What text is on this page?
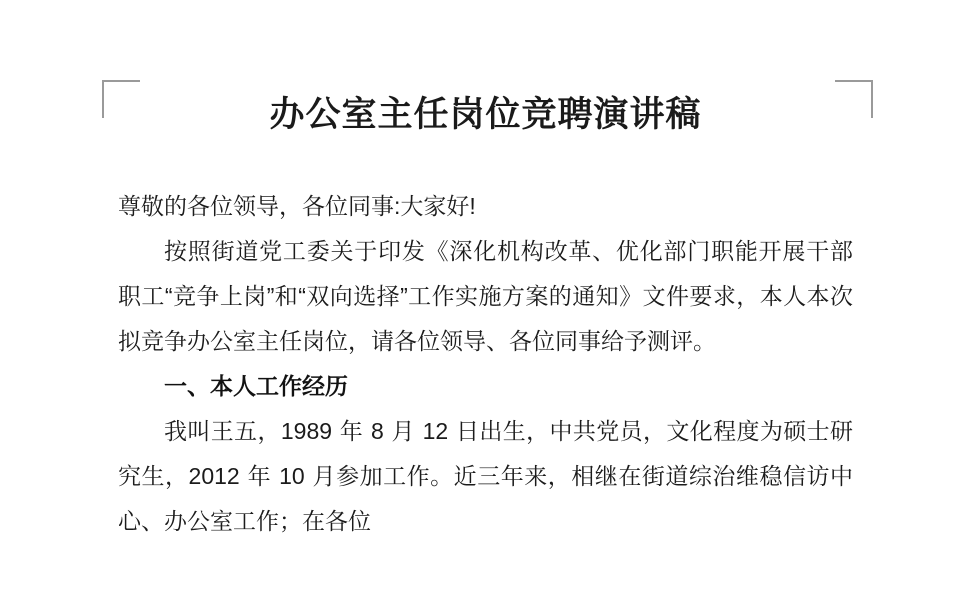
办公室主任岗位竞聘演讲稿

尊敬的各位领导，各位同事:大家好!

按照街道党工委关于印发《深化机构改革、优化部门职能开展干部职工“竞争上岗”和“双向选择”工作实施方案的通知》文件要求，本人本次拟竞争办公室主任岗位，请各位领导、各位同事给予测评。

一、本人工作经历

我叫王五，1989 年 8 月 12 日出生，中共党员，文化程度为硕士研究生，2012 年 10 月参加工作。近三年来，相继在街道综治维稳信访中心、办公室工作；在各位
